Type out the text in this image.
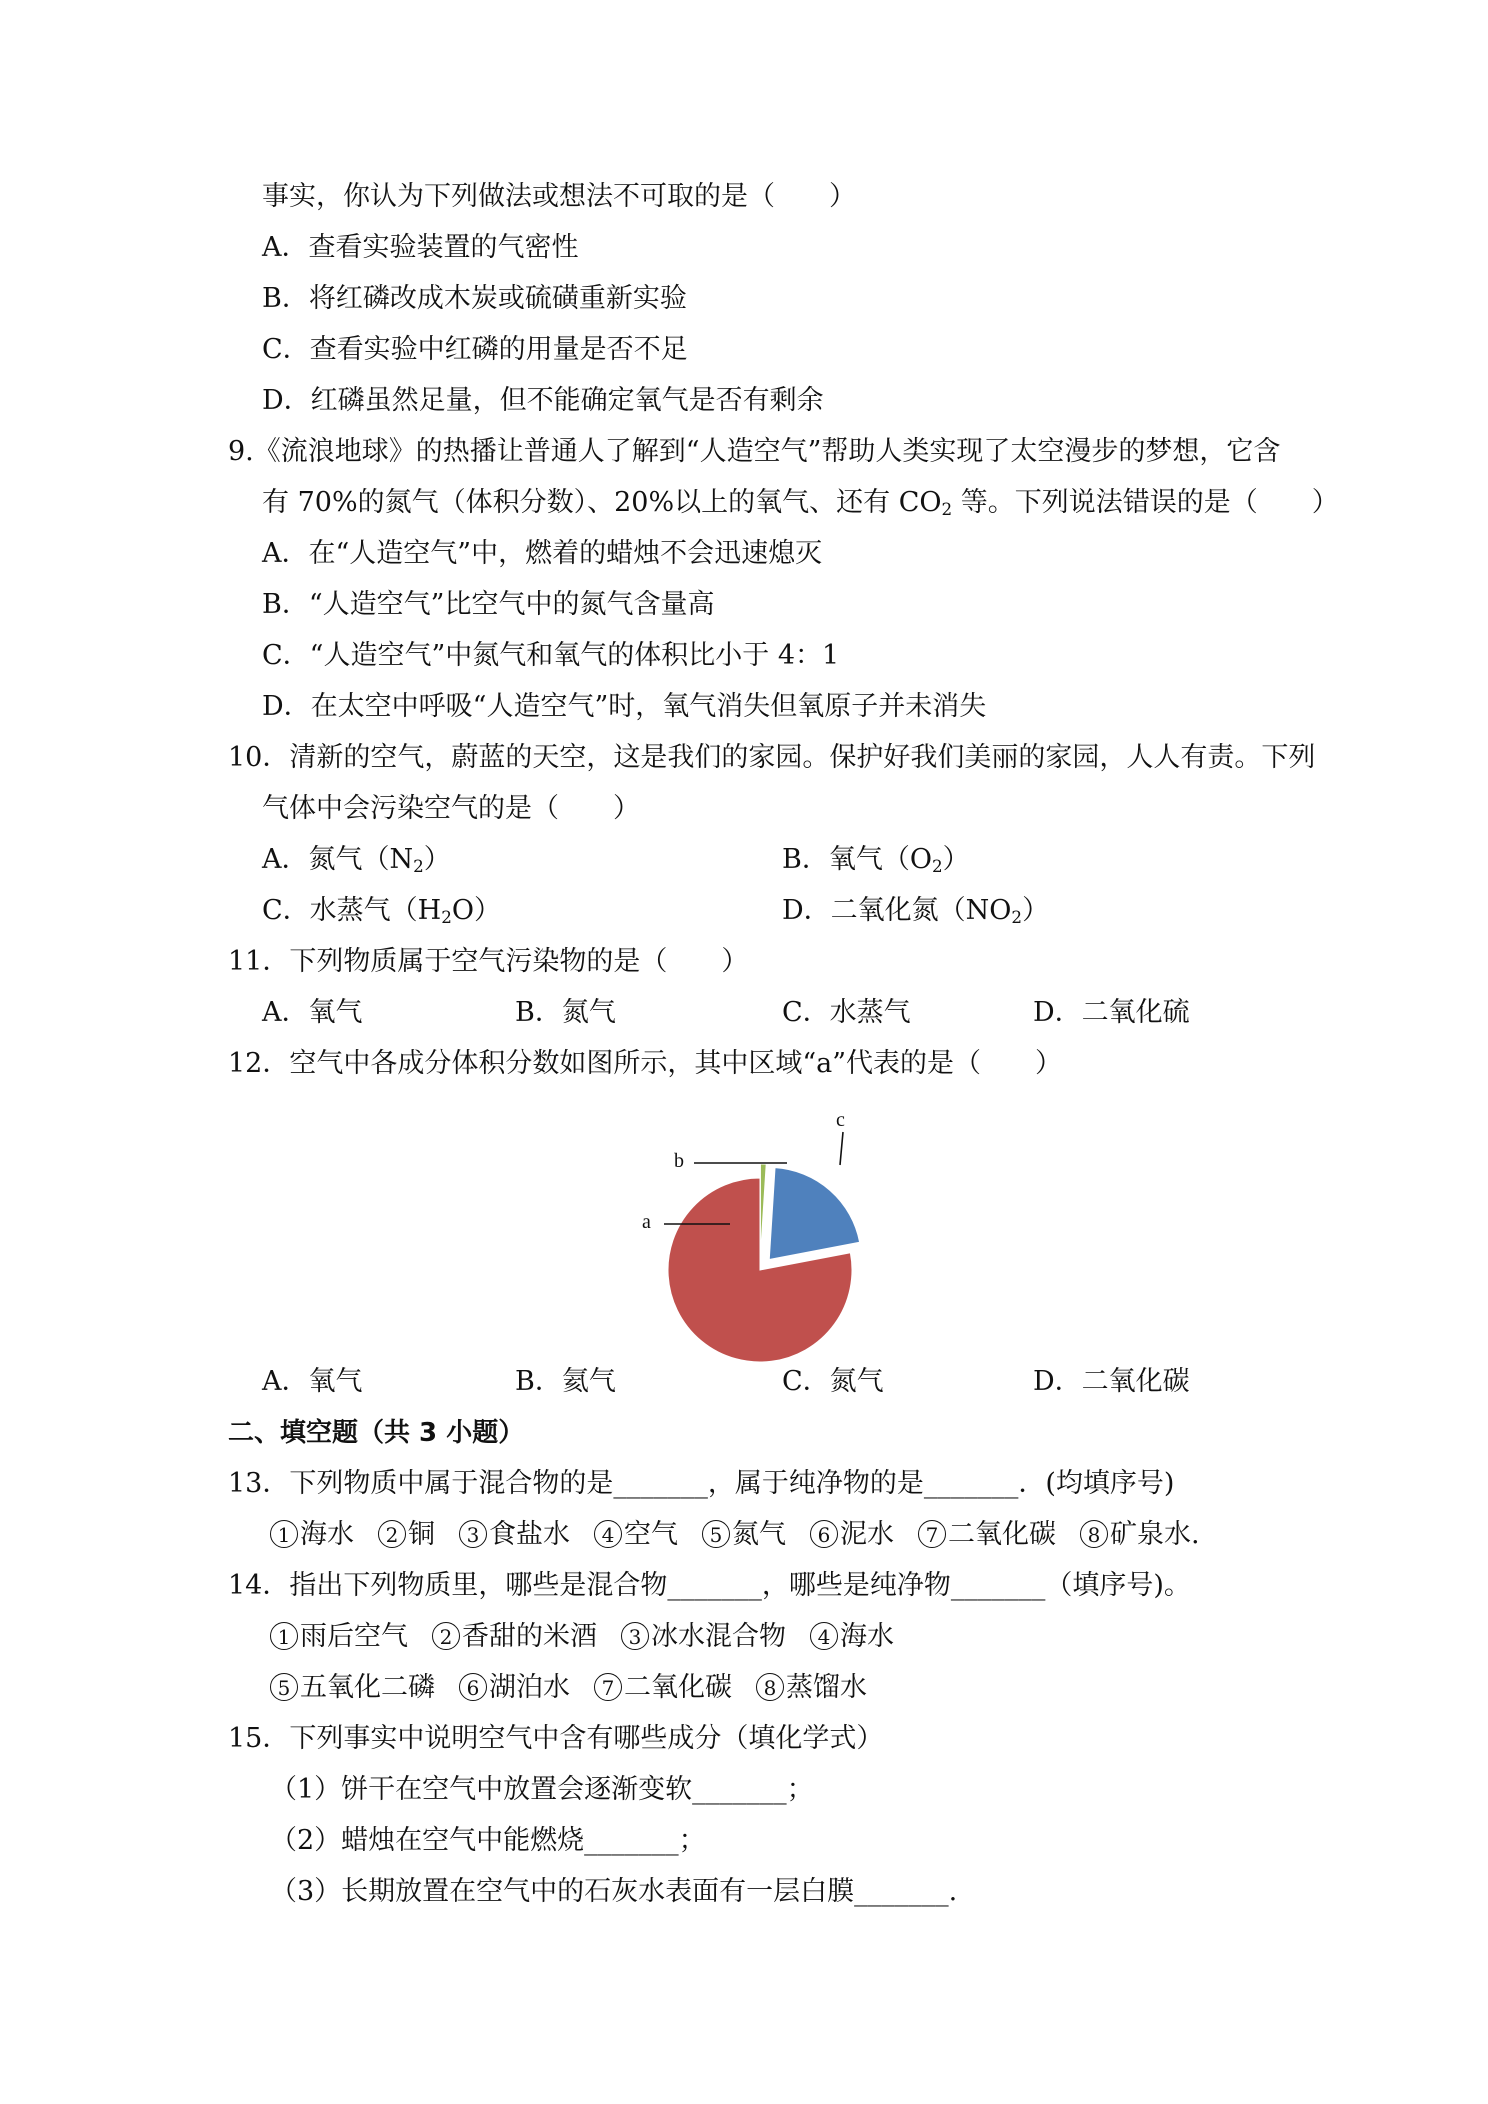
事实，你认为下列做法或想法不可取的是（　　）
A．查看实验装置的气密性
B．将红磷改成木炭或硫磺重新实验
C．查看实验中红磷的用量是否不足
D．红磷虽然足量，但不能确定氧气是否有剩余
9.《流浪地球》的热播让普通人了解到“人造空气”帮助人类实现了太空漫步的梦想，它含
有 70%的氮气（体积分数）、20%以上的氧气、还有 $CO_2$ 等。下列说法错误的是（　　）
A．在“人造空气”中，燃着的蜡烛不会迅速熄灭
B．“人造空气”比空气中的氮气含量高
C．“人造空气”中氮气和氧气的体积比小于 4：1
D．在太空中呼吸“人造空气”时，氧气消失但氧原子并未消失
10．清新的空气，蔚蓝的天空，这是我们的家园。保护好我们美丽的家园，人人有责。下列
气体中会污染空气的是（　　）
A．氮气$(N_2)$	B．氧气$(O_2)$
C．水蒸气$(H_2O)$	D．二氧化氮$(NO_2)$
11．下列物质属于空气污染物的是（　　）
A．氧气	B．氮气	C．水蒸气	D．二氧化硫
12．空气中各成分体积分数如图所示，其中区域“a”代表的是（　　）
a
b
c
A．氧气	B．氦气	C．氮气	D．二氧化碳
二、填空题（共 3 小题）
13．下列物质中属于混合物的是_______，属于纯净物的是_______．(均填序号)
1 海水 2 铜 3 食盐水 4 空气 5 氮气 6 泥水 7 二氧化碳 8 矿泉水.
14．指出下列物质里，哪些是混合物_______，哪些是纯净物_______（填序号)。
1 雨后空气 2 香甜的米酒 3 冰水混合物 4 海水
5 五氧化二磷 6 湖泊水 7 二氧化碳 8 蒸馏水
15．下列事实中说明空气中含有哪些成分（填化学式）
（1）饼干在空气中放置会逐渐变软_______；
（2）蜡烛在空气中能燃烧_______；
（3）长期放置在空气中的石灰水表面有一层白膜_______.
